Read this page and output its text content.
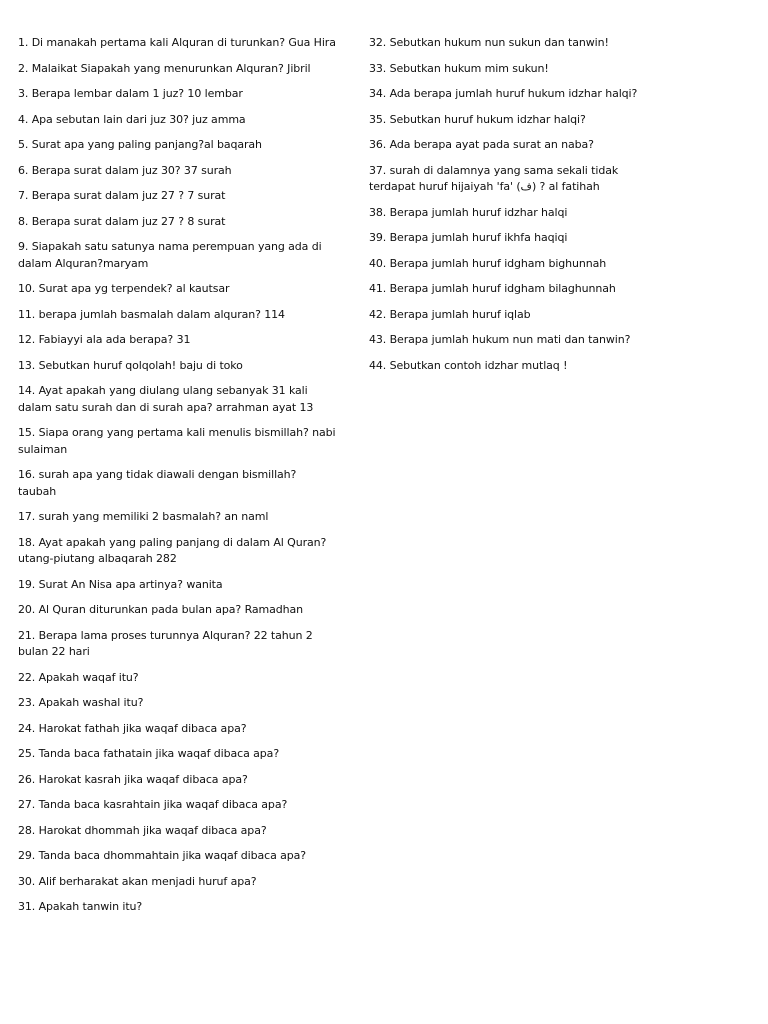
1. Di manakah pertama kali Alquran di turunkan? Gua Hira
2. Malaikat Siapakah yang menurunkan Alquran? Jibril
3. Berapa lembar dalam 1 juz? 10 lembar
4. Apa sebutan lain dari juz 30? juz amma
5. Surat apa yang paling panjang?al baqarah
6. Berapa surat dalam juz 30? 37 surah
7. Berapa surat dalam juz 27 ? 7 surat
8. Berapa surat dalam juz 27 ? 8 surat
9. Siapakah satu satunya nama perempuan yang ada di dalam Alquran?maryam
10. Surat apa yg terpendek? al kautsar
11. berapa jumlah basmalah dalam alquran? 114
12. Fabiayyi ala ada berapa? 31
13. Sebutkan huruf qolqolah! baju di toko
14. Ayat apakah yang diulang ulang sebanyak 31 kali dalam satu surah dan di surah apa? arrahman ayat 13
15. Siapa orang yang pertama kali menulis bismillah? nabi sulaiman
16. surah apa yang tidak diawali dengan bismillah? taubah
17. surah yang memiliki 2 basmalah? an naml
18. Ayat apakah yang paling panjang di dalam Al Quran? utang-piutang albaqarah 282
19. Surat An Nisa apa artinya? wanita
20. Al Quran diturunkan pada bulan apa? Ramadhan
21. Berapa lama proses turunnya Alquran? 22 tahun 2 bulan 22 hari
22. Apakah waqaf itu?
23. Apakah washal itu?
24. Harokat fathah jika waqaf dibaca apa?
25. Tanda baca fathatain jika waqaf dibaca apa?
26. Harokat kasrah jika waqaf dibaca apa?
27. Tanda baca kasrahtain jika waqaf dibaca apa?
28. Harokat dhommah jika waqaf dibaca apa?
29. Tanda baca dhommahtain jika waqaf dibaca apa?
30. Alif berharakat akan menjadi huruf apa?
31. Apakah tanwin itu?
32. Sebutkan hukum nun sukun dan tanwin!
33. Sebutkan hukum mim sukun!
34. Ada berapa jumlah huruf hukum idzhar halqi?
35. Sebutkan huruf hukum idzhar halqi?
36. Ada berapa ayat pada surat an naba?
37. surah di dalamnya yang sama sekali tidak terdapat huruf hijaiyah 'fa' (ف) ? al fatihah
38. Berapa jumlah huruf idzhar halqi
39. Berapa jumlah huruf ikhfa haqiqi
40. Berapa jumlah huruf idgham bighunnah
41. Berapa jumlah huruf idgham bilaghunnah
42. Berapa jumlah huruf iqlab
43. Berapa jumlah hukum nun mati dan tanwin?
44. Sebutkan contoh idzhar mutlaq !
